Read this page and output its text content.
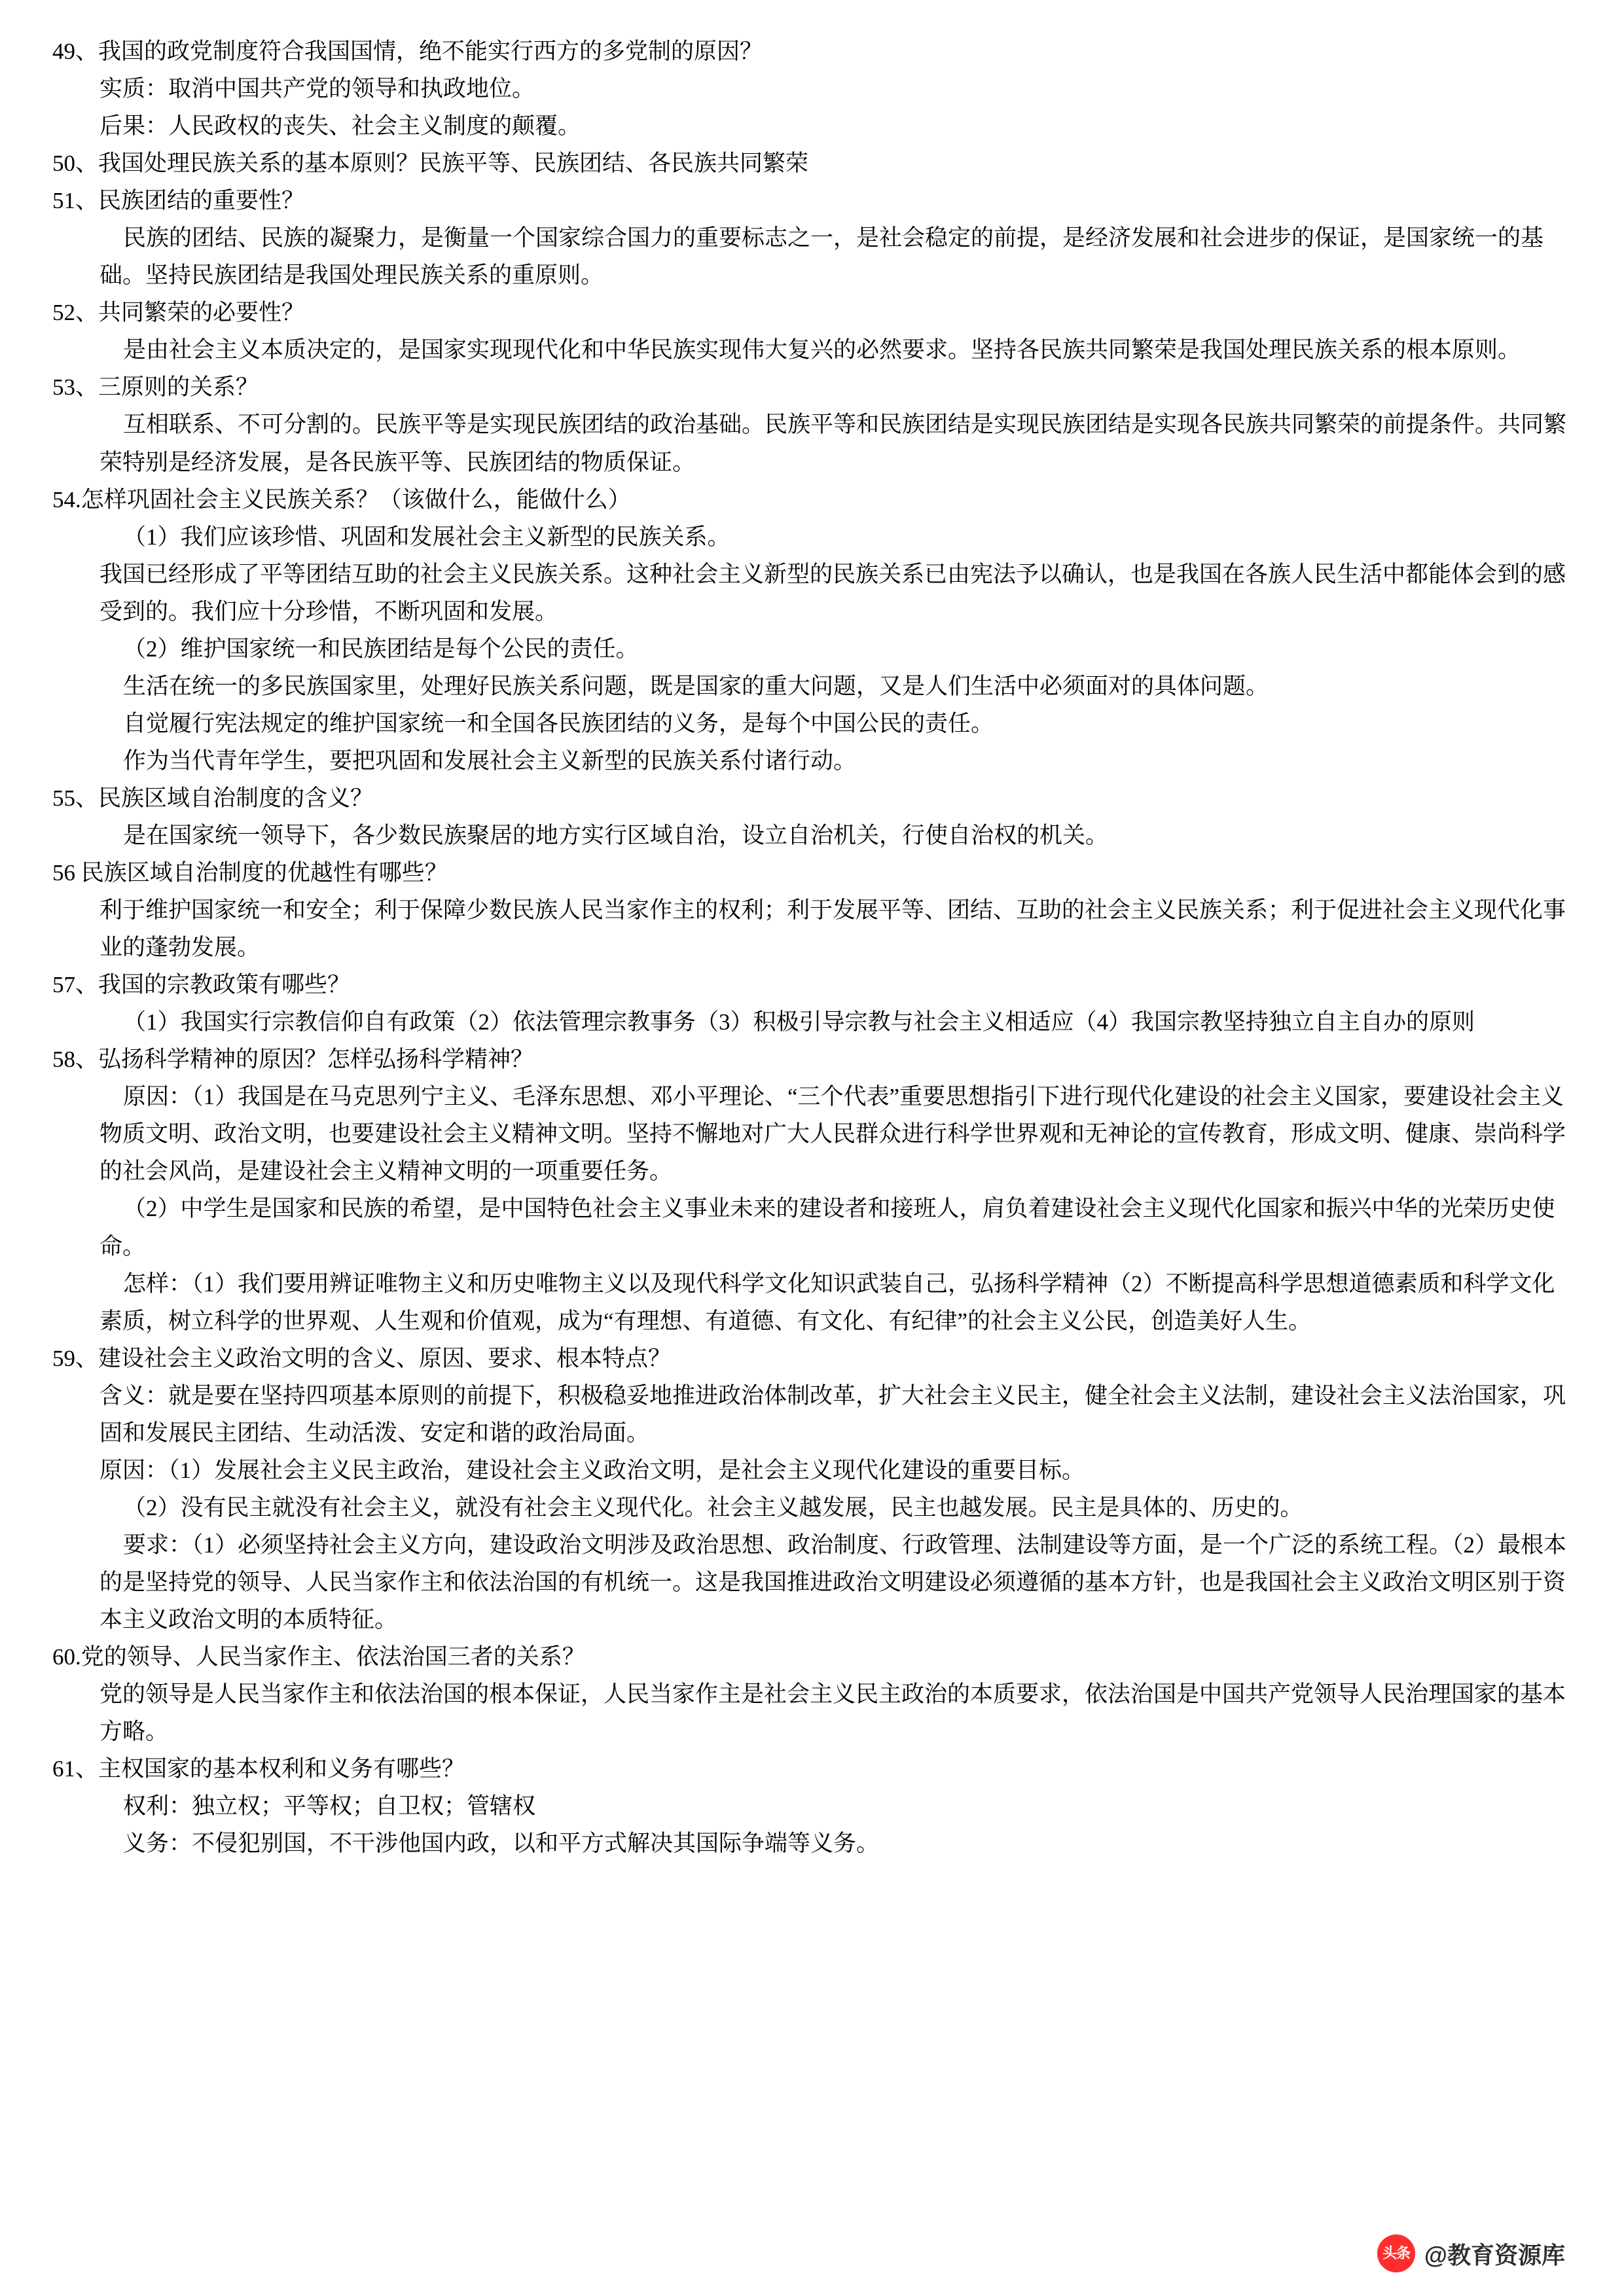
49、我国的政党制度符合我国国情，绝不能实行西方的多党制的原因？
实质：取消中国共产党的领导和执政地位。
后果：人民政权的丧失、社会主义制度的颠覆。
50、我国处理民族关系的基本原则？民族平等、民族团结、各民族共同繁荣
51、民族团结的重要性？
民族的团结、民族的凝聚力，是衡量一个国家综合国力的重要标志之一，是社会稳定的前提，是经济发展和社会进步的保证，是国家统一的基础。坚持民族团结是我国处理民族关系的重原则。
52、共同繁荣的必要性？
是由社会主义本质决定的，是国家实现现代化和中华民族实现伟大复兴的必然要求。坚持各民族共同繁荣是我国处理民族关系的根本原则。
53、三原则的关系？
互相联系、不可分割的。民族平等是实现民族团结的政治基础。民族平等和民族团结是实现民族团结是实现各民族共同繁荣的前提条件。共同繁荣特别是经济发展，是各民族平等、民族团结的物质保证。
54.怎样巩固社会主义民族关系？（该做什么，能做什么）
（1）我们应该珍惜、巩固和发展社会主义新型的民族关系。
我国已经形成了平等团结互助的社会主义民族关系。这种社会主义新型的民族关系已由宪法予以确认，也是我国在各族人民生活中都能体会到的感受到的。我们应十分珍惜，不断巩固和发展。
（2）维护国家统一和民族团结是每个公民的责任。
生活在统一的多民族国家里，处理好民族关系问题，既是国家的重大问题，又是人们生活中必须面对的具体问题。
自觉履行宪法规定的维护国家统一和全国各民族团结的义务，是每个中国公民的责任。
作为当代青年学生，要把巩固和发展社会主义新型的民族关系付诸行动。
55、民族区域自治制度的含义？
是在国家统一领导下，各少数民族聚居的地方实行区域自治，设立自治机关，行使自治权的机关。
56 民族区域自治制度的优越性有哪些？
利于维护国家统一和安全；利于保障少数民族人民当家作主的权利；利于发展平等、团结、互助的社会主义民族关系；利于促进社会主义现代化事业的蓬勃发展。
57、我国的宗教政策有哪些？
（1）我国实行宗教信仰自有政策（2）依法管理宗教事务（3）积极引导宗教与社会主义相适应（4）我国宗教坚持独立自主自办的原则
58、弘扬科学精神的原因？怎样弘扬科学精神？
原因：（1）我国是在马克思列宁主义、毛泽东思想、邓小平理论、“三个代表”重要思想指引下进行现代化建设的社会主义国家，要建设社会主义物质文明、政治文明，也要建设社会主义精神文明。坚持不懈地对广大人民群众进行科学世界观和无神论的宣传教育，形成文明、健康、崇尚科学的社会风尚，是建设社会主义精神文明的一项重要任务。
（2）中学生是国家和民族的希望，是中国特色社会主义事业未来的建设者和接班人，肩负着建设社会主义现代化国家和振兴中华的光荣历史使命。
怎样：（1）我们要用辨证唯物主义和历史唯物主义以及现代科学文化知识武装自己，弘扬科学精神（2）不断提高科学思想道德素质和科学文化素质，树立科学的世界观、人生观和价值观，成为“有理想、有道德、有文化、有纪律”的社会主义公民，创造美好人生。
59、建设社会主义政治文明的含义、原因、要求、根本特点？
含义：就是要在坚持四项基本原则的前提下，积极稳妥地推进政治体制改革，扩大社会主义民主，健全社会主义法制，建设社会主义法治国家，巩固和发展民主团结、生动活泼、安定和谐的政治局面。
原因：（1）发展社会主义民主政治，建设社会主义政治文明，是社会主义现代化建设的重要目标。
（2）没有民主就没有社会主义，就没有社会主义现代化。社会主义越发展，民主也越发展。民主是具体的、历史的。
要求：（1）必须坚持社会主义方向，建设政治文明涉及政治思想、政治制度、行政管理、法制建设等方面，是一个广泛的系统工程。（2）最根本的是坚持党的领导、人民当家作主和依法治国的有机统一。这是我国推进政治文明建设必须遵循的基本方针，也是我国社会主义政治文明区别于资本主义政治文明的本质特征。
60.党的领导、人民当家作主、依法治国三者的关系？
党的领导是人民当家作主和依法治国的根本保证，人民当家作主是社会主义民主政治的本质要求，依法治国是中国共产党领导人民治理国家的基本方略。
61、主权国家的基本权利和义务有哪些？
权利：独立权；平等权；自卫权；管辖权
义务：不侵犯别国，不干涉他国内政，以和平方式解决其国际争端等义务。
头条 @教育资源库
